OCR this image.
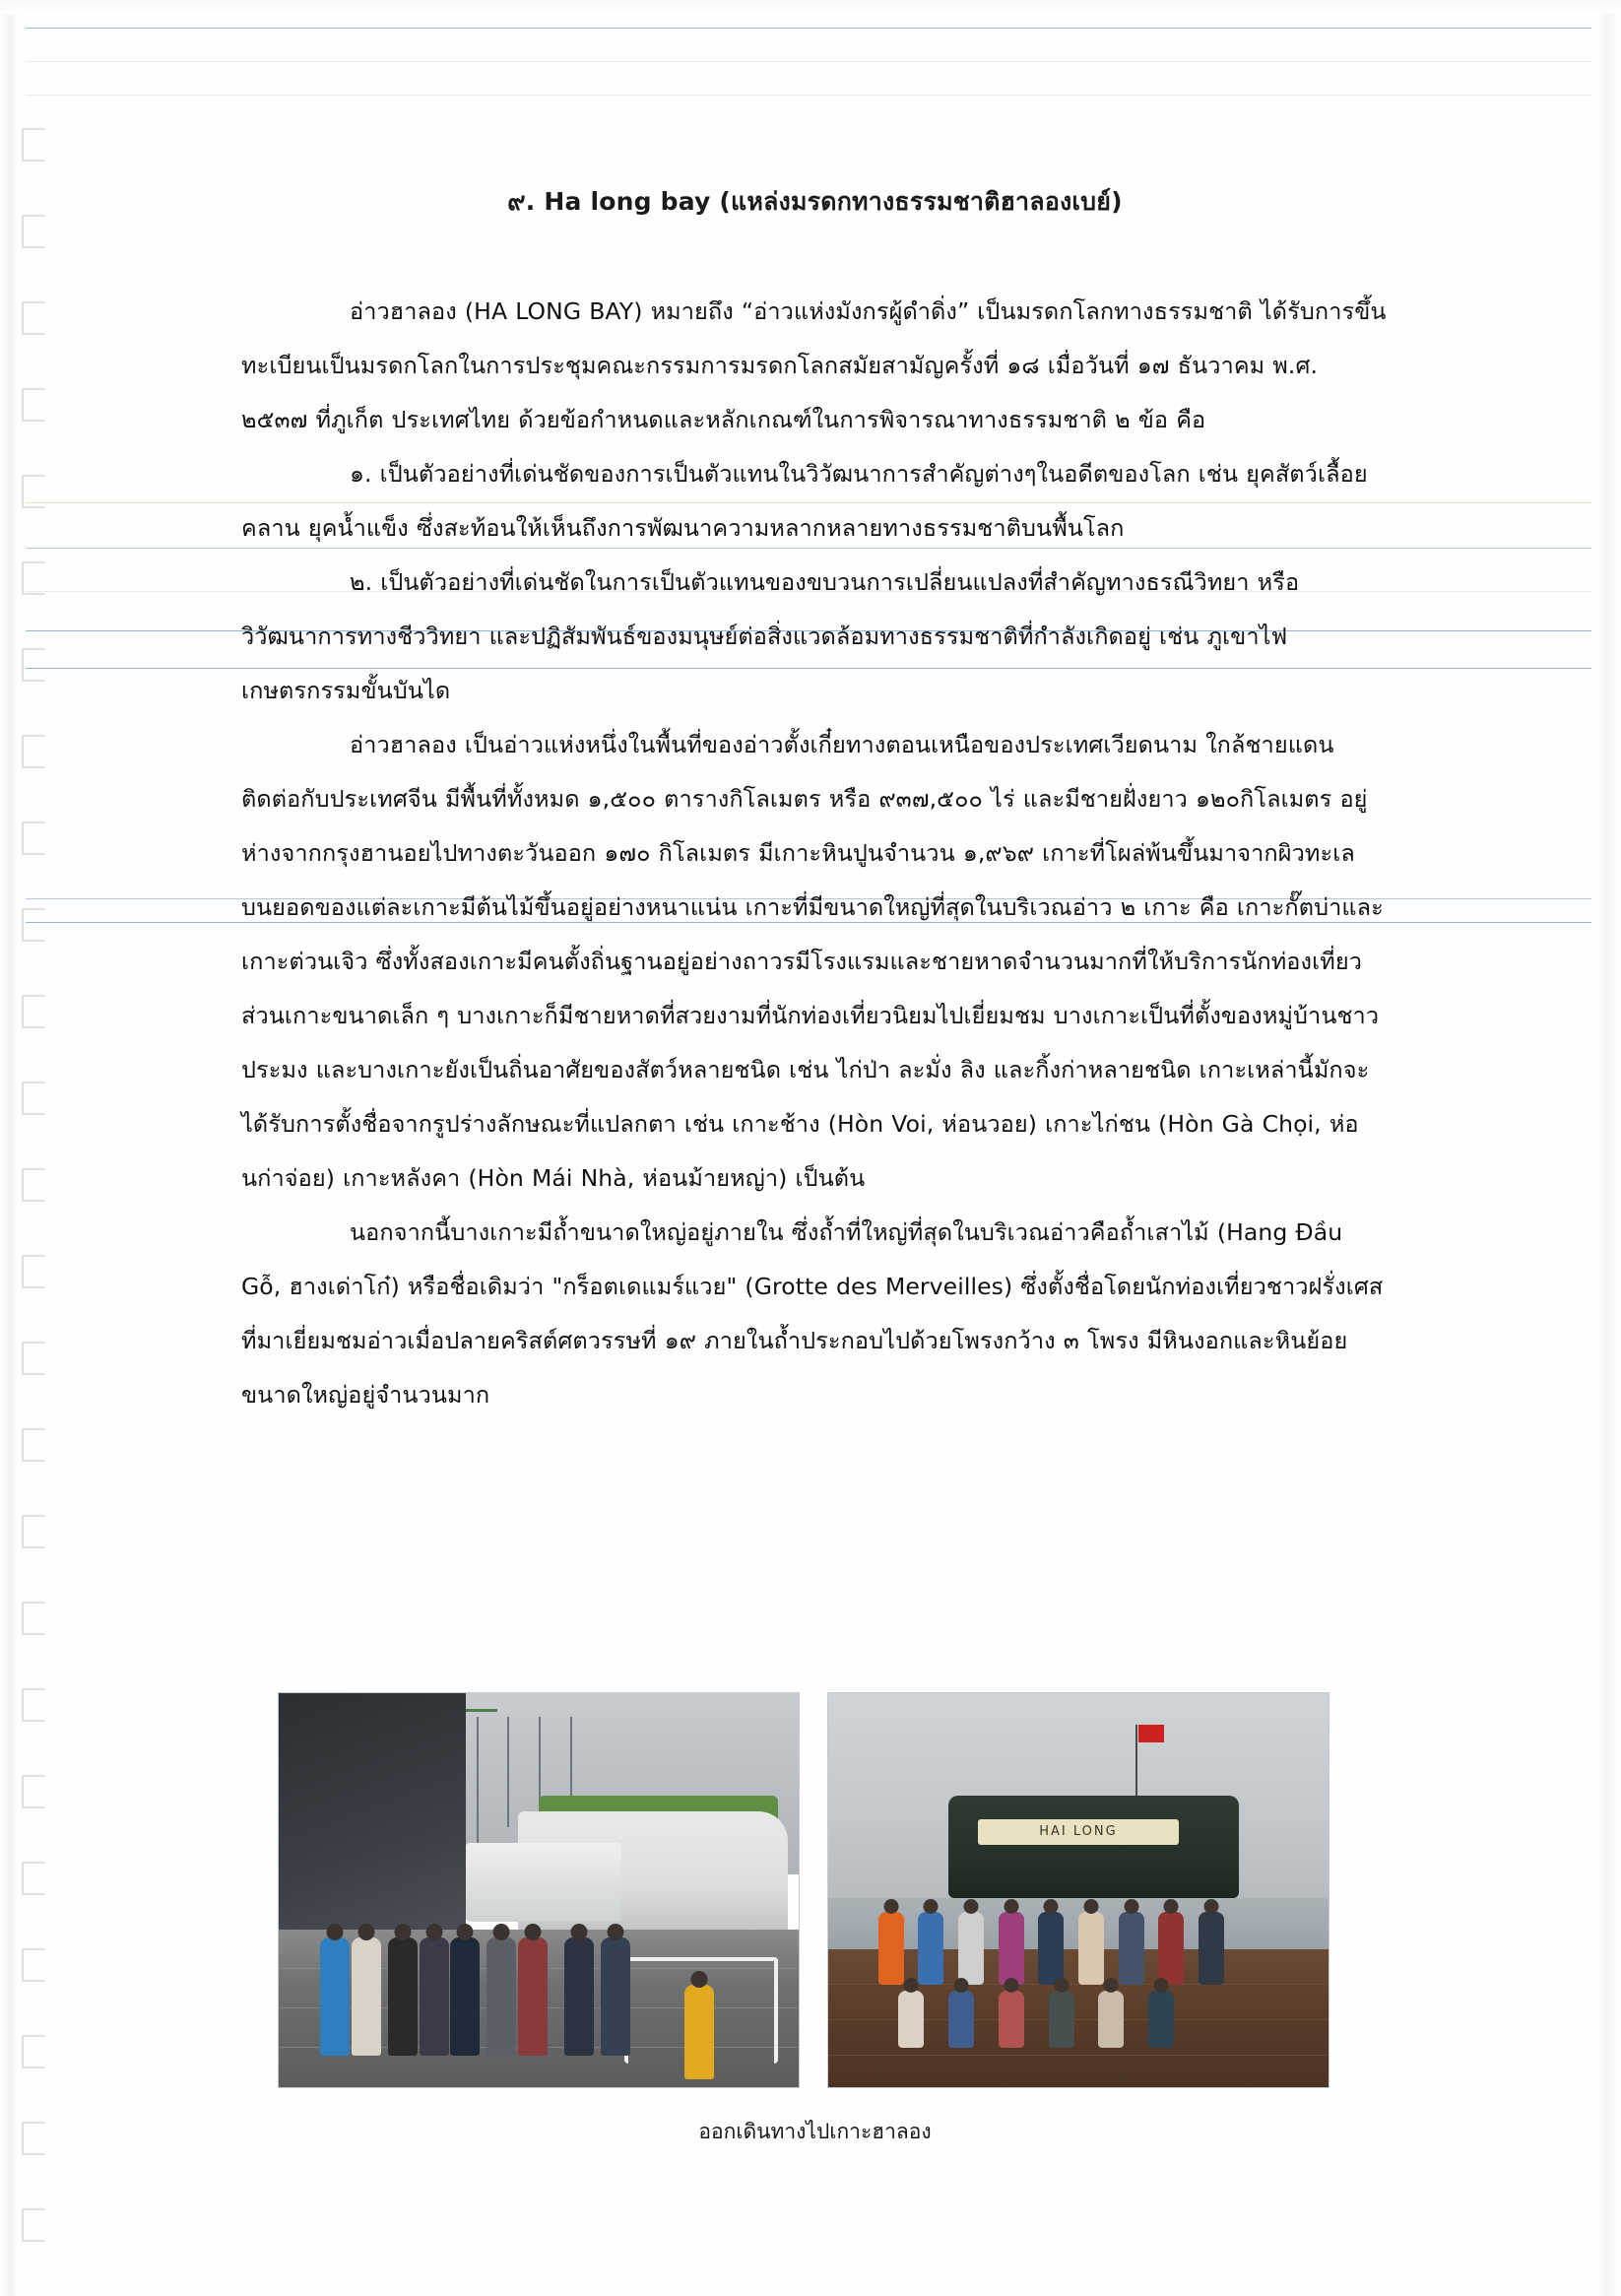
๙. Ha long bay (แหล่งมรดกทางธรรมชาติฮาลองเบย์)

อ่าวฮาลอง (HA LONG BAY) หมายถึง “อ่าวแห่งมังกรผู้ดำดิ่ง” เป็นมรดกโลกทางธรรมชาติ ได้รับการขึ้นทะเบียนเป็นมรดกโลกในการประชุมคณะกรรมการมรดกโลกสมัยสามัญครั้งที่ ๑๘ เมื่อวันที่ ๑๗ ธันวาคม พ.ศ. ๒๕๓๗ ที่ภูเก็ต ประเทศไทย ด้วยข้อกำหนดและหลักเกณฑ์ในการพิจารณาทางธรรมชาติ ๒ ข้อ คือ

๑. เป็นตัวอย่างที่เด่นชัดของการเป็นตัวแทนในวิวัฒนาการสำคัญต่างๆในอดีตของโลก เช่น ยุคสัตว์เลื้อยคลาน ยุคน้ำแข็ง ซึ่งสะท้อนให้เห็นถึงการพัฒนาความหลากหลายทางธรรมชาติบนพื้นโลก

๒. เป็นตัวอย่างที่เด่นชัดในการเป็นตัวแทนของขบวนการเปลี่ยนแปลงที่สำคัญทางธรณีวิทยา หรือวิวัฒนาการทางชีววิทยา และปฏิสัมพันธ์ของมนุษย์ต่อสิ่งแวดล้อมทางธรรมชาติที่กำลังเกิดอยู่ เช่น ภูเขาไฟ เกษตรกรรมขั้นบันได

อ่าวฮาลอง เป็นอ่าวแห่งหนึ่งในพื้นที่ของอ่าวตั้งเกี๋ยทางตอนเหนือของประเทศเวียดนาม ใกล้ชายแดนติดต่อกับประเทศจีน มีพื้นที่ทั้งหมด ๑,๕๐๐ ตารางกิโลเมตร หรือ ๙๓๗,๕๐๐ ไร่ และมีชายฝั่งยาว ๑๒๐กิโลเมตร อยู่ห่างจากกรุงฮานอยไปทางตะวันออก ๑๗๐ กิโลเมตร มีเกาะหินปูนจำนวน ๑,๙๖๙ เกาะที่โผล่พ้นขึ้นมาจากผิวทะเล บนยอดของแต่ละเกาะมีต้นไม้ขึ้นอยู่อย่างหนาแน่น เกาะที่มีขนาดใหญ่ที่สุดในบริเวณอ่าว ๒ เกาะ คือ เกาะกั๊ตบ่าและเกาะต่วนเจิว ซึ่งทั้งสองเกาะมีคนตั้งถิ่นฐานอยู่อย่างถาวรมีโรงแรมและชายหาดจำนวนมากที่ให้บริการนักท่องเที่ยว ส่วนเกาะขนาดเล็ก ๆ บางเกาะก็มีชายหาดที่สวยงามที่นักท่องเที่ยวนิยมไปเยี่ยมชม บางเกาะเป็นที่ตั้งของหมู่บ้านชาวประมง และบางเกาะยังเป็นถิ่นอาศัยของสัตว์หลายชนิด เช่น ไก่ป่า ละมั่ง ลิง และกิ้งก่าหลายชนิด เกาะเหล่านี้มักจะได้รับการตั้งชื่อจากรูปร่างลักษณะที่แปลกตา เช่น เกาะช้าง (Hòn Voi, ห่อนวอย) เกาะไก่ชน (Hòn Gà Chọi, ห่อนก่าจ่อย) เกาะหลังคา (Hòn Mái Nhà, ห่อนม้ายหญ่า) เป็นต้น

นอกจากนี้บางเกาะมีถ้ำขนาดใหญ่อยู่ภายใน ซึ่งถ้ำที่ใหญ่ที่สุดในบริเวณอ่าวคือถ้ำเสาไม้ (Hang Đầu Gỗ, ฮางเด่าโก๋) หรือชื่อเดิมว่า "กร็อตเดแมร์แวย" (Grotte des Merveilles) ซึ่งตั้งชื่อโดยนักท่องเที่ยวชาวฝรั่งเศสที่มาเยี่ยมชมอ่าวเมื่อปลายคริสต์ศตวรรษที่ ๑๙ ภายในถ้ำประกอบไปด้วยโพรงกว้าง ๓ โพรง มีหินงอกและหินย้อยขนาดใหญ่อยู่จำนวนมาก

HAI LONG
ออกเดินทางไปเกาะฮาลอง
